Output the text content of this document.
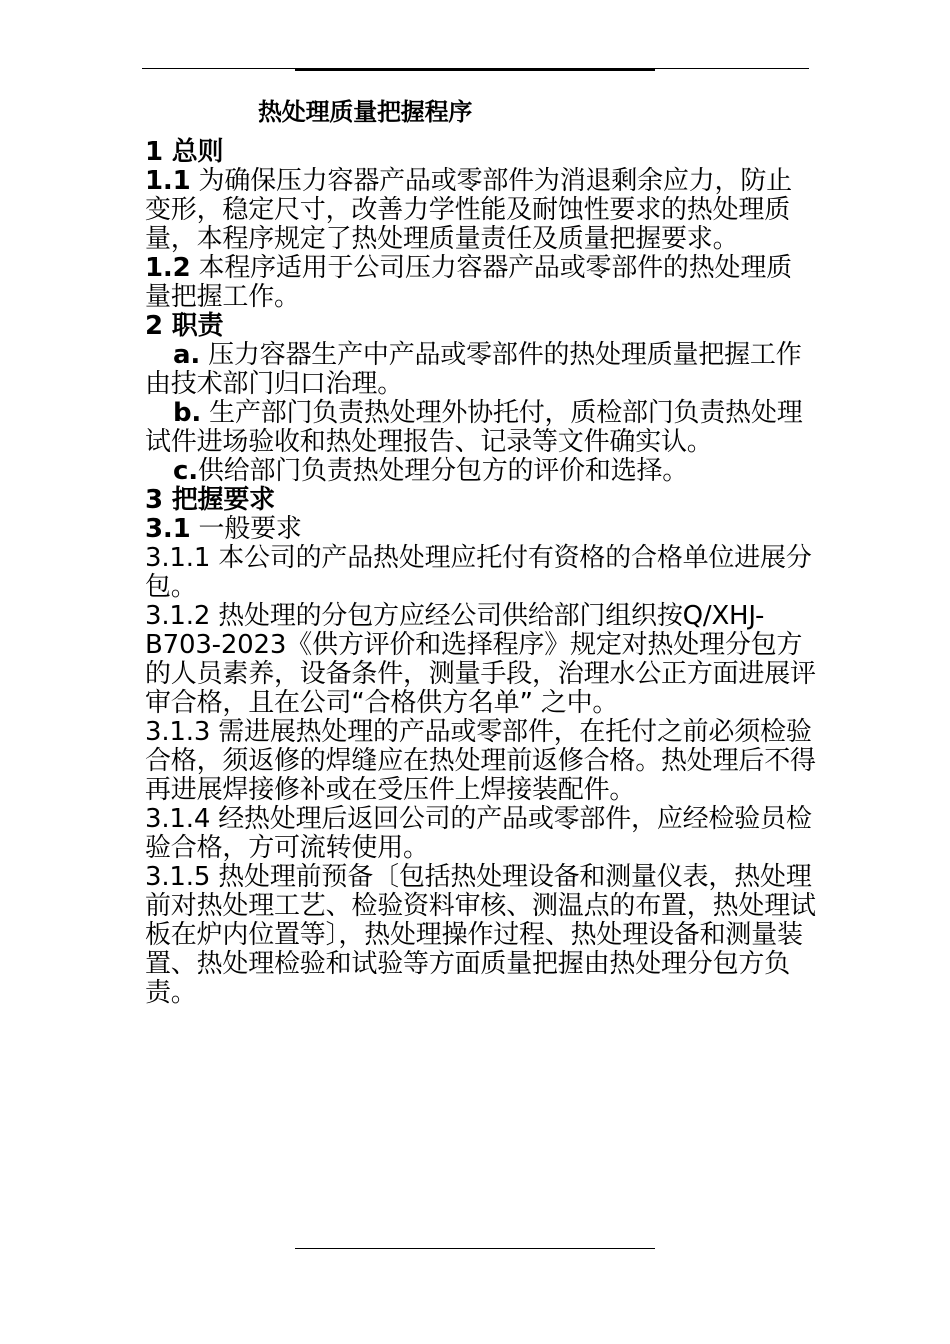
热处理质量把握程序
1 总则

1.1 为确保压力容器产品或零部件为消退剩余应力，防止变形，稳定尺寸，改善力学性能及耐蚀性要求的热处理质量，本程序规定了热处理质量责任及质量把握要求。

1.2 本程序适用于公司压力容器产品或零部件的热处理质量把握工作。

2 职责

a. 压力容器生产中产品或零部件的热处理质量把握工作由技术部门归口治理。

b. 生产部门负责热处理外协托付，质检部门负责热处理试件进场验收和热处理报告、记录等文件确实认。

c.供给部门负责热处理分包方的评价和选择。

3 把握要求

3.1 一般要求

3.1.1 本公司的产品热处理应托付有资格的合格单位进展分包。

3.1.2 热处理的分包方应经公司供给部门组织按Q/XHJ-B703-2023《供方评价和选择程序》规定对热处理分包方的人员素养，设备条件，测量手段，治理水公正方面进展评审合格，且在公司“合格供方名单” 之中。

3.1.3 需进展热处理的产品或零部件，在托付之前必须检验合格，须返修的焊缝应在热处理前返修合格。热处理后不得再进展焊接修补或在受压件上焊接装配件。

3.1.4 经热处理后返回公司的产品或零部件，应经检验员检验合格，方可流转使用。

3.1.5 热处理前预备〔包括热处理设备和测量仪表，热处理前对热处理工艺、检验资料审核、测温点的布置，热处理试板在炉内位置等〕，热处理操作过程、热处理设备和测量装置、热处理检验和试验等方面质量把握由热处理分包方负责。
